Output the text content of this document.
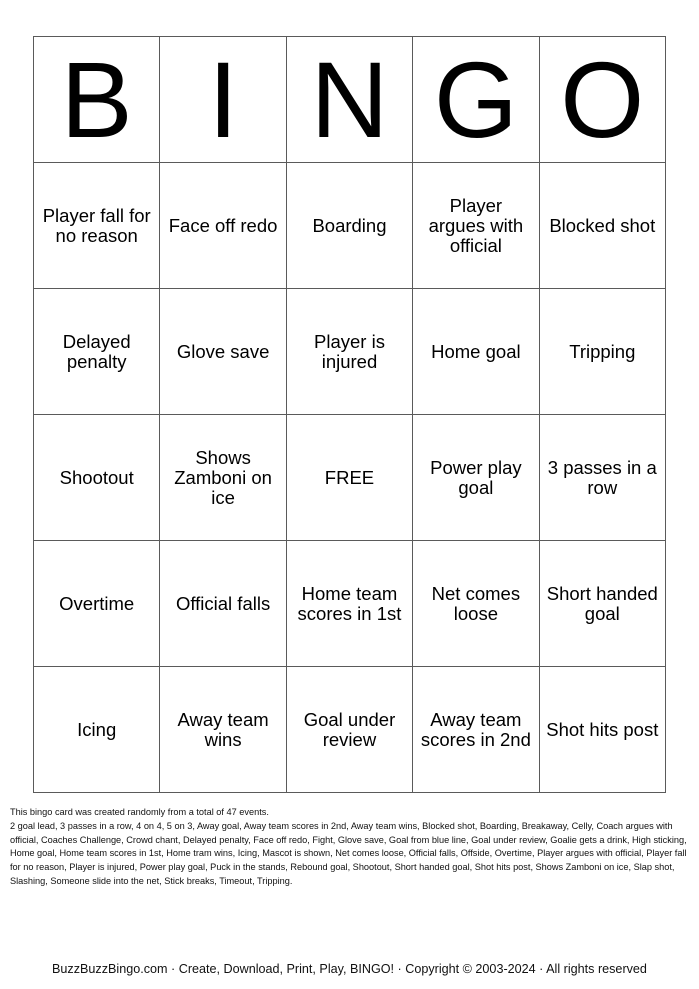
B	I	N	G	O
Player fall for no reason	Face off redo	Boarding	Player argues with official	Blocked shot
Delayed penalty	Glove save	Player is injured	Home goal	Tripping
Shootout	Shows Zamboni on ice	FREE	Power play goal	3 passes in a row
Overtime	Official falls	Home team scores in 1st	Net comes loose	Short handed goal
Icing	Away team wins	Goal under review	Away team scores in 2nd	Shot hits post

This bingo card was created randomly from a total of 47 events.

2 goal lead, 3 passes in a row, 4 on 4, 5 on 3, Away goal, Away team scores in 2nd, Away team wins, Blocked shot, Boarding, Breakaway, Celly, Coach argues with official, Coaches Challenge, Crowd chant, Delayed penalty, Face off redo, Fight, Glove save, Goal from blue line, Goal under review, Goalie gets a drink, High sticking, Home goal, Home team scores in 1st, Home tram wins, Icing, Mascot is shown, Net comes loose, Official falls, Offside, Overtime, Player argues with official, Player fall for no reason, Player is injured, Power play goal, Puck in the stands, Rebound goal, Shootout, Short handed goal, Shot hits post, Shows Zamboni on ice, Slap shot, Slashing, Someone slide into the net, Stick breaks, Timeout, Tripping.

BuzzBuzzBingo.com · Create, Download, Print, Play, BINGO! · Copyright © 2003-2024 · All rights reserved
